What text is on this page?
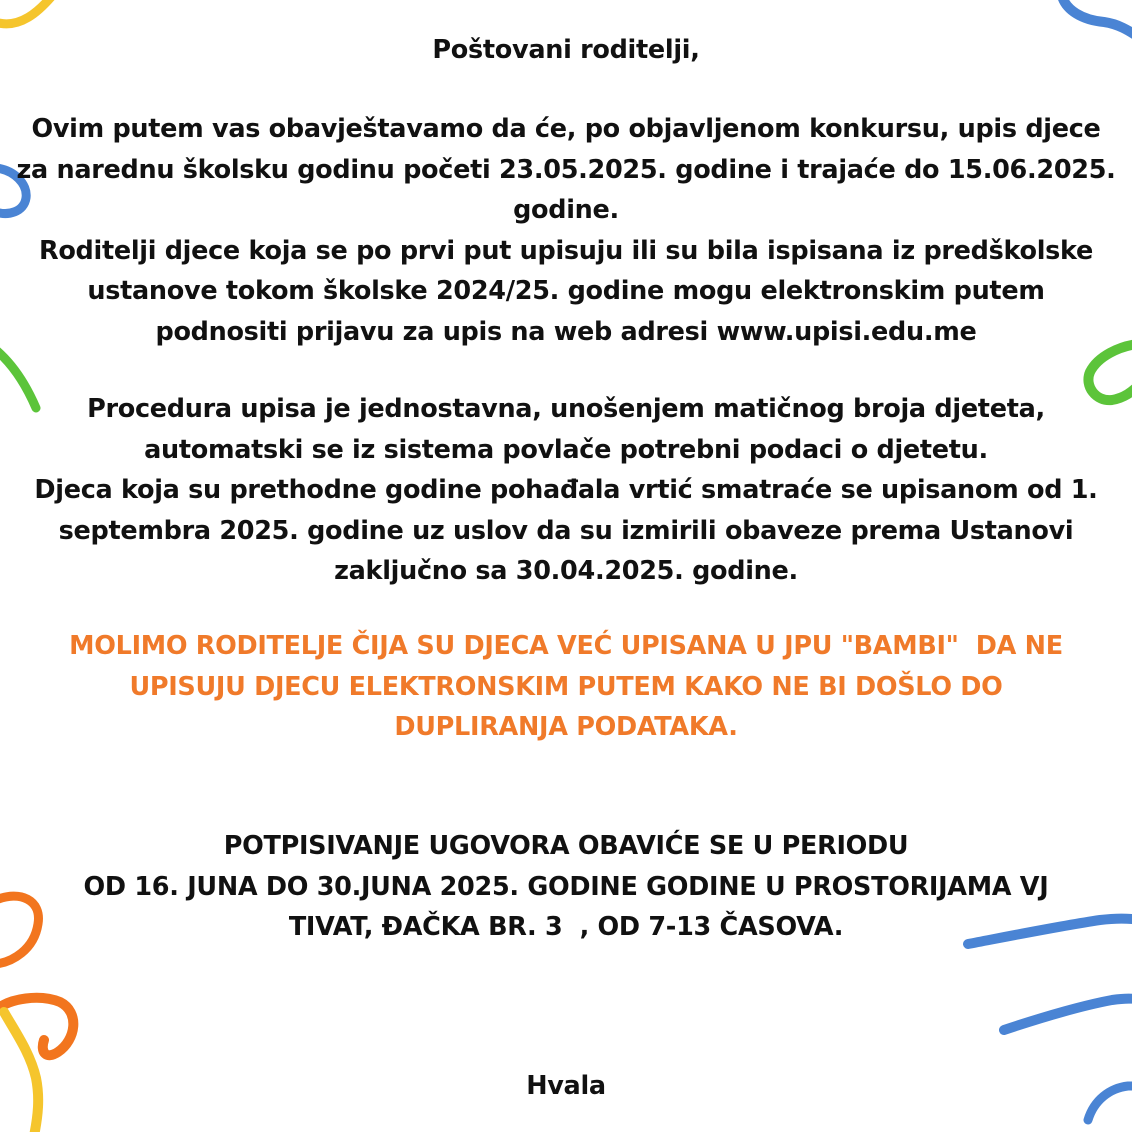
Poštovani roditelji,

Ovim putem vas obavještavamo da će, po objavljenom konkursu, upis djece
za narednu školsku godinu početi 23.05.2025. godine i trajaće do 15.06.2025.
godine.
Roditelji djece koja se po prvi put upisuju ili su bila ispisana iz predškolske
ustanove tokom školske 2024/25. godine mogu elektronskim putem
podnositi prijavu za upis na web adresi www.upisi.edu.me

Procedura upisa je jednostavna, unošenjem matičnog broja djeteta,
automatski se iz sistema povlače potrebni podaci o djetetu.
Djeca koja su prethodne godine pohađala vrtić smatraće se upisanom od 1.
septembra 2025. godine uz uslov da su izmirili obaveze prema Ustanovi
zaključno sa 30.04.2025. godine.

MOLIMO RODITELJE ČIJA SU DJECA VEĆ UPISANA U JPU "BAMBI"  DA NE
UPISUJU DJECU ELEKTRONSKIM PUTEM KAKO NE BI DOŠLO DO
DUPLIRANJA PODATAKA.

POTPISIVANJE UGOVORA OBAVIĆE SE U PERIODU
OD 16. JUNA DO 30.JUNA 2025. GODINE GODINE U PROSTORIJAMA VJ
TIVAT, ĐAČKA BR. 3  , OD 7-13 ČASOVA.

Hvala
